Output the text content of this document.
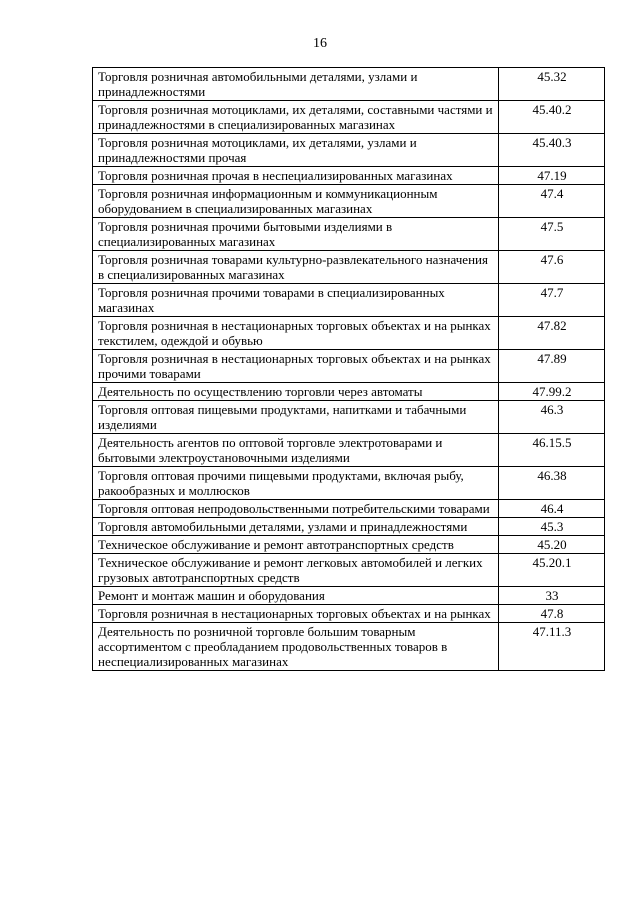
16
Торговля розничная автомобильными деталями, узлами и принадлежностями	45.32
Торговля розничная мотоциклами, их деталями, составными частями и принадлежностями в специализированных магазинах	45.40.2
Торговля розничная мотоциклами, их деталями, узлами и принадлежностями прочая	45.40.3
Торговля розничная прочая в неспециализированных магазинах	47.19
Торговля розничная информационным и коммуникационным оборудованием в специализированных магазинах	47.4
Торговля розничная прочими бытовыми изделиями в специализированных магазинах	47.5
Торговля розничная товарами культурно-развлекательного назначения в специализированных магазинах	47.6
Торговля розничная прочими товарами в специализированных магазинах	47.7
Торговля розничная в нестационарных торговых объектах и на рынках текстилем, одеждой и обувью	47.82
Торговля розничная в нестационарных торговых объектах и на рынках прочими товарами	47.89
Деятельность по осуществлению торговли через автоматы	47.99.2
Торговля оптовая пищевыми продуктами, напитками и табачными изделиями	46.3
Деятельность агентов по оптовой торговле электротоварами и бытовыми электроустановочными изделиями	46.15.5
Торговля оптовая прочими пищевыми продуктами, включая рыбу, ракообразных и моллюсков	46.38
Торговля оптовая непродовольственными потребительскими товарами	46.4
Торговля автомобильными деталями, узлами и принадлежностями	45.3
Техническое обслуживание и ремонт автотранспортных средств	45.20
Техническое обслуживание и ремонт легковых автомобилей и легких грузовых автотранспортных средств	45.20.1
Ремонт и монтаж машин и оборудования	33
Торговля розничная в нестационарных торговых объектах и на рынках	47.8
Деятельность по розничной торговле большим товарным ассортиментом с преобладанием продовольственных товаров в неспециализированных магазинах	47.11.3
